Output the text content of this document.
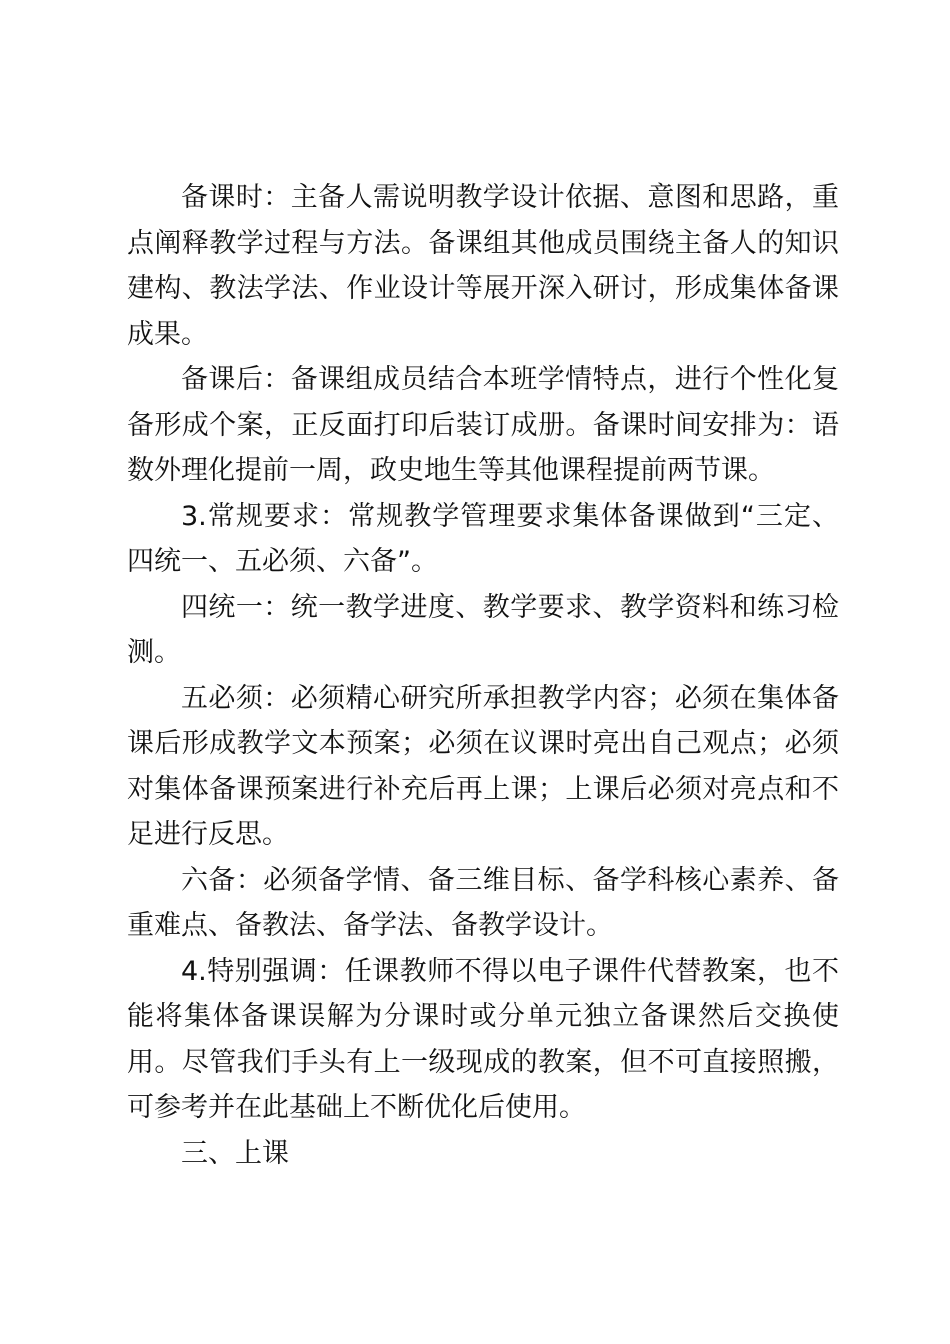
备课时：主备人需说明教学设计依据、意图和思路，重点阐释教学过程与方法。备课组其他成员围绕主备人的知识建构、教法学法、作业设计等展开深入研讨，形成集体备课成果。

备课后：备课组成员结合本班学情特点，进行个性化复备形成个案，正反面打印后装订成册。备课时间安排为：语数外理化提前一周，政史地生等其他课程提前两节课。

3.常规要求：常规教学管理要求集体备课做到“三定、四统一、五必须、六备”。

四统一：统一教学进度、教学要求、教学资料和练习检测。

五必须：必须精心研究所承担教学内容；必须在集体备课后形成教学文本预案；必须在议课时亮出自己观点；必须对集体备课预案进行补充后再上课；上课后必须对亮点和不足进行反思。

六备：必须备学情、备三维目标、备学科核心素养、备重难点、备教法、备学法、备教学设计。

4.特别强调：任课教师不得以电子课件代替教案，也不能将集体备课误解为分课时或分单元独立备课然后交换使用。尽管我们手头有上一级现成的教案，但不可直接照搬，可参考并在此基础上不断优化后使用。

三、上课
